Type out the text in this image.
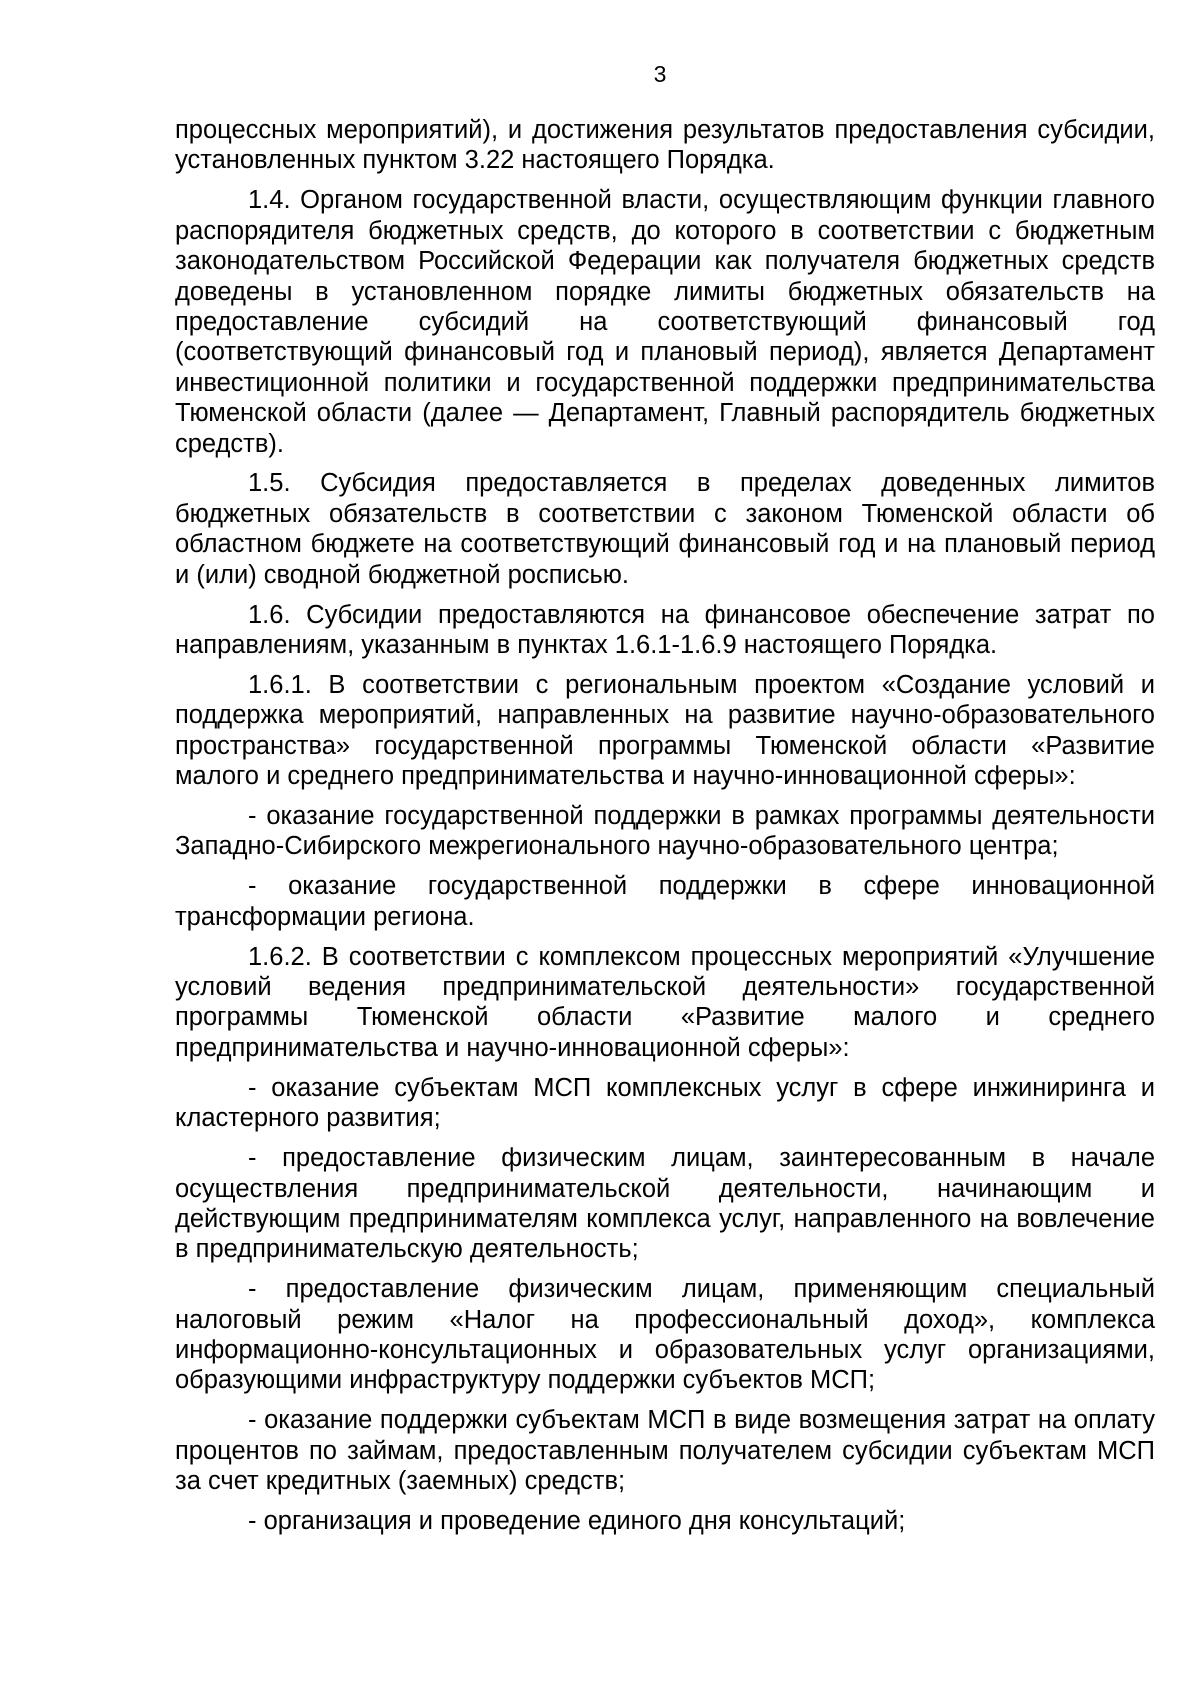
3

процессных мероприятий), и достижения результатов предоставления субсидии, установленных пунктом 3.22 настоящего Порядка.

1.4. Органом государственной власти, осуществляющим функции главного распорядителя бюджетных средств, до которого в соответствии с бюджетным законодательством Российской Федерации как получателя бюджетных средств доведены в установленном порядке лимиты бюджетных обязательств на предоставление субсидий на соответствующий финансовый год (соответствующий финансовый год и плановый период), является Департамент инвестиционной политики и государственной поддержки предпринимательства Тюменской области (далее — Департамент, Главный распорядитель бюджетных средств).

1.5. Субсидия предоставляется в пределах доведенных лимитов бюджетных обязательств в соответствии с законом Тюменской области об областном бюджете на соответствующий финансовый год и на плановый период и (или) сводной бюджетной росписью.

1.6. Субсидии предоставляются на финансовое обеспечение затрат по направлениям, указанным в пунктах 1.6.1-1.6.9 настоящего Порядка.

1.6.1. В соответствии с региональным проектом «Создание условий и поддержка мероприятий, направленных на развитие научно-образовательного пространства» государственной программы Тюменской области «Развитие малого и среднего предпринимательства и научно-инновационной сферы»:

- оказание государственной поддержки в рамках программы деятельности Западно-Сибирского межрегионального научно-образовательного центра;

- оказание государственной поддержки в сфере инновационной трансформации региона.

1.6.2. В соответствии с комплексом процессных мероприятий «Улучшение условий ведения предпринимательской деятельности» государственной программы Тюменской области «Развитие малого и среднего предпринимательства и научно-инновационной сферы»:

- оказание субъектам МСП комплексных услуг в сфере инжиниринга и кластерного развития;

- предоставление физическим лицам, заинтересованным в начале осуществления предпринимательской деятельности, начинающим и действующим предпринимателям комплекса услуг, направленного на вовлечение в предпринимательскую деятельность;

- предоставление физическим лицам, применяющим специальный налоговый режим «Налог на профессиональный доход», комплекса информационно-консультационных и образовательных услуг организациями, образующими инфраструктуру поддержки субъектов МСП;

- оказание поддержки субъектам МСП в виде возмещения затрат на оплату процентов по займам, предоставленным получателем субсидии субъектам МСП за счет кредитных (заемных) средств;

- организация и проведение единого дня консультаций;
